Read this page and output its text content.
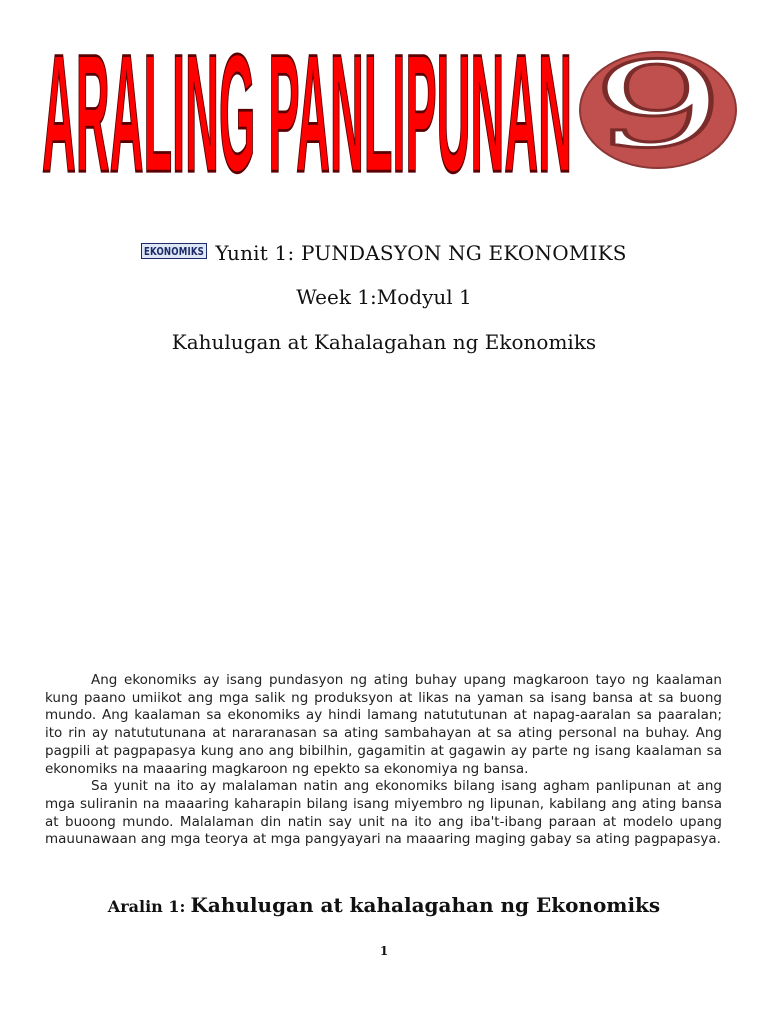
ARALING PANLIPUNAN 9
EKONOMIKS Yunit 1: PUNDASYON NG EKONOMIKS
Week 1:Modyul 1
Kahulugan at Kahalagahan ng Ekonomiks

Ang ekonomiks ay isang pundasyon ng ating buhay upang magkaroon tayo ng kaalaman kung paano umiikot ang mga salik ng produksyon at likas na yaman sa isang bansa at sa buong mundo. Ang kaalaman sa ekonomiks ay hindi lamang natututunan at napag-aaralan sa paaralan; ito rin ay natututunana at nararanasan sa ating sambahayan at sa ating personal na buhay. Ang pagpili at pagpapasya kung ano ang bibilhin, gagamitin at gagawin ay parte ng isang kaalaman sa ekonomiks na maaaring magkaroon ng epekto sa ekonomiya ng bansa.

Sa yunit na ito ay malalaman natin ang ekonomiks bilang isang agham panlipunan at ang mga suliranin na maaaring kaharapin bilang isang miyembro ng lipunan, kabilang ang ating bansa at buoong mundo. Malalaman din natin say unit na ito ang iba't-ibang paraan at modelo upang mauunawaan ang mga teorya at mga pangyayari na maaaring maging gabay sa ating pagpapasya.

Aralin 1: Kahulugan at kahalagahan ng Ekonomiks
1
